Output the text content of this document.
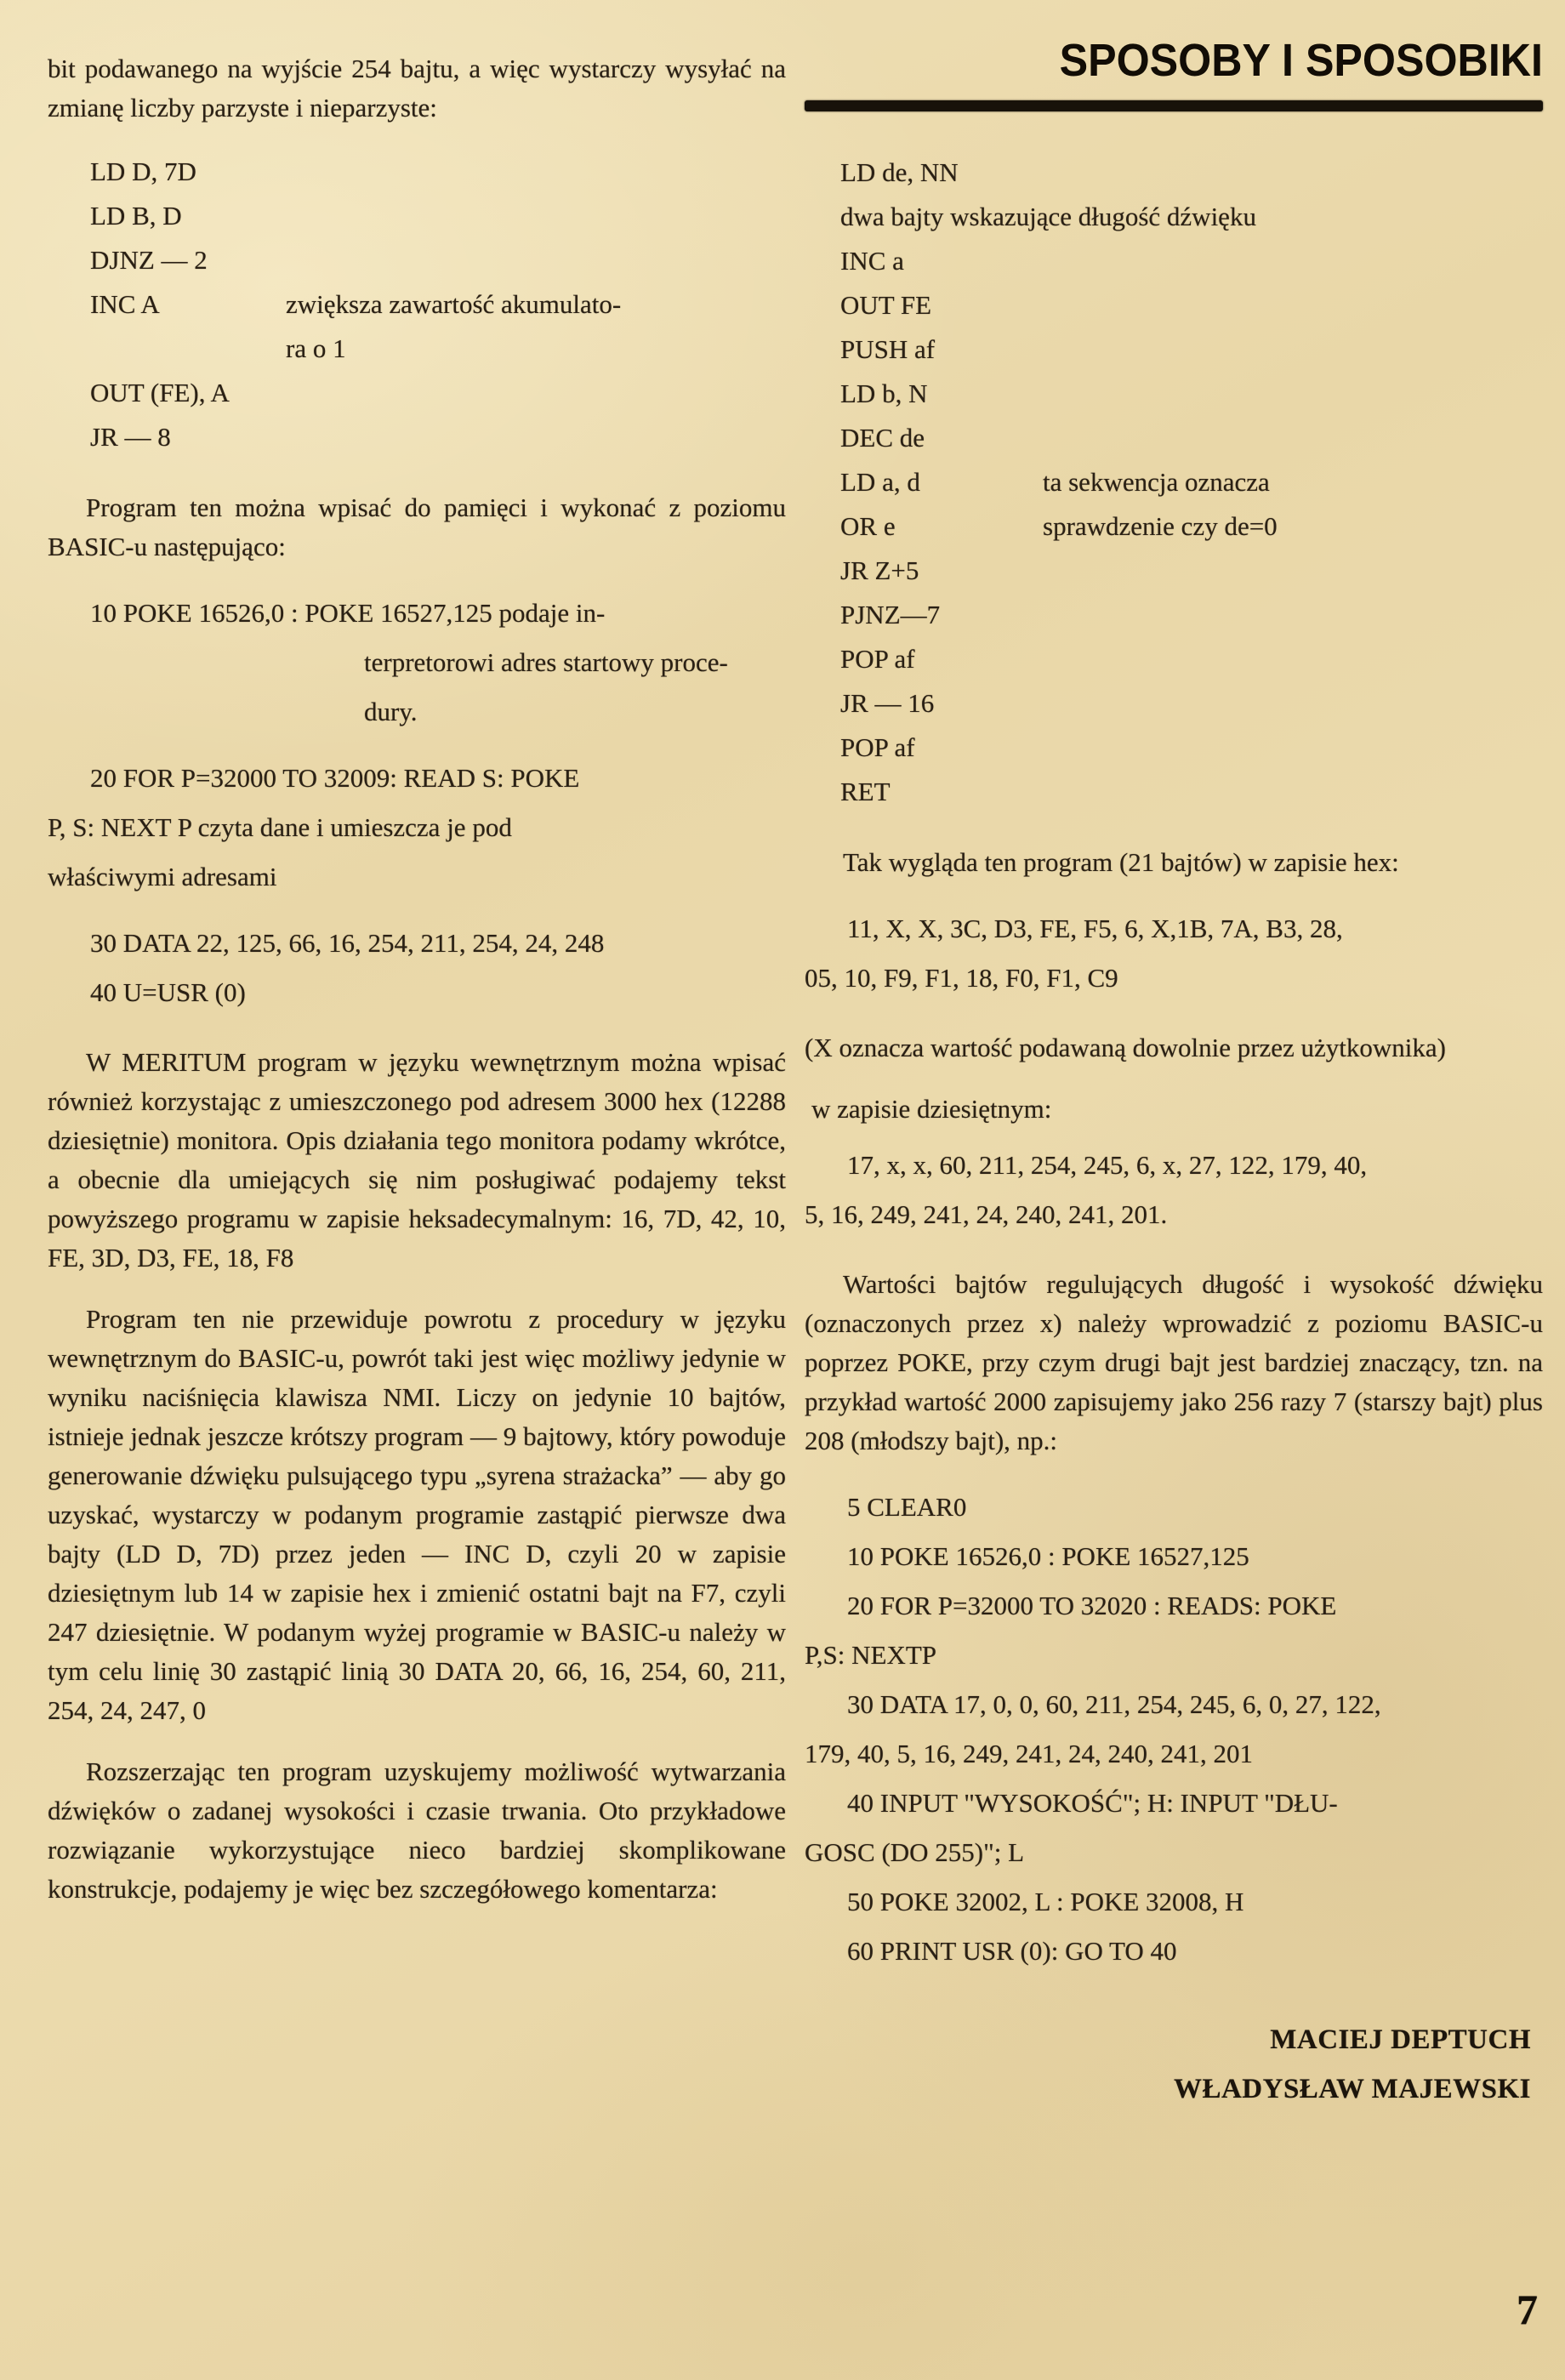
bit podawanego na wyjście 254 bajtu, a więc wystarczy wysyłać na zmianę liczby parzyste i nieparzyste:

LD D, 7D
LD B, D
DJNZ — 2
INC A	zwiększa zawartość akumulato-
ra o 1
OUT (FE), A
JR — 8

Program ten można wpisać do pamięci i wykonać z poziomu BASIC-u następująco:

10 POKE 16526,0 : POKE 16527,125 podaje in-
terpretorowi adres startowy proce-
dury.
20 FOR P=32000 TO 32009: READ S: POKE
P, S: NEXT P czyta dane i umieszcza je pod
właściwymi adresami
30 DATA 22, 125, 66, 16, 254, 211, 254, 24, 248
40 U=USR (0)

W MERITUM program w języku wewnętrznym można wpisać również korzystając z umieszczonego pod adresem 3000 hex (12288 dziesiętnie) monitora. Opis działania tego monitora podamy wkrótce, a obecnie dla umiejących się nim posługiwać podajemy tekst powyższego programu w zapisie heksadecymalnym: 16, 7D, 42, 10, FE, 3D, D3, FE, 18, F8

Program ten nie przewiduje powrotu z procedury w języku wewnętrznym do BASIC-u, powrót taki jest więc możliwy jedynie w wyniku naciśnięcia klawisza NMI. Liczy on jedynie 10 bajtów, istnieje jednak jeszcze krótszy program — 9 bajtowy, który powoduje generowanie dźwięku pulsującego typu „syrena strażacka” — aby go uzyskać, wystarczy w podanym programie zastąpić pierwsze dwa bajty (LD D, 7D) przez jeden — INC D, czyli 20 w zapisie dziesiętnym lub 14 w zapisie hex i zmienić ostatni bajt na F7, czyli 247 dziesiętnie. W podanym wyżej programie w BASIC-u należy w tym celu linię 30 zastąpić linią 30 DATA 20, 66, 16, 254, 60, 211, 254, 24, 247, 0

Rozszerzając ten program uzyskujemy możliwość wytwarzania dźwięków o zadanej wysokości i czasie trwania. Oto przykładowe rozwiązanie wykorzystujące nieco bardziej skomplikowane konstrukcje, podajemy je więc bez szczegółowego komentarza:

SPOSOBY I SPOSOBIKI
LD de, NN
dwa bajty wskazujące długość dźwięku
INC a
OUT FE
PUSH af
LD b, N
DEC de
LD a, d	ta sekwencja oznacza
OR e	sprawdzenie czy de=0
JR Z+5
PJNZ—7
POP af
JR — 16
POP af
RET

Tak wygląda ten program (21 bajtów) w zapisie hex:

11, X, X, 3C, D3, FE, F5, 6, X,1B, 7A, B3, 28,
05, 10, F9, F1, 18, F0, F1, C9

(X oznacza wartość podawaną dowolnie przez użytkownika)

w zapisie dziesiętnym:

17, x, x, 60, 211, 254, 245, 6, x, 27, 122, 179, 40,
5, 16, 249, 241, 24, 240, 241, 201.

Wartości bajtów regulujących długość i wysokość dźwięku (oznaczonych przez x) należy wprowadzić z poziomu BASIC-u poprzez POKE, przy czym drugi bajt jest bardziej znaczący, tzn. na przykład wartość 2000 zapisujemy jako 256 razy 7 (starszy bajt) plus 208 (młodszy bajt), np.:

5 CLEAR0
10 POKE 16526,0 : POKE 16527,125
20 FOR P=32000 TO 32020 : READS: POKE
P,S: NEXTP
30 DATA 17, 0, 0, 60, 211, 254, 245, 6, 0, 27, 122,
179, 40, 5, 16, 249, 241, 24, 240, 241, 201
40 INPUT "WYSOKOŚĆ"; H: INPUT "DŁU-
GOSC (DO 255)"; L
50 POKE 32002, L : POKE 32008, H
60 PRINT USR (0): GO TO 40
MACIEJ DEPTUCH
WŁADYSŁAW MAJEWSKI
7
